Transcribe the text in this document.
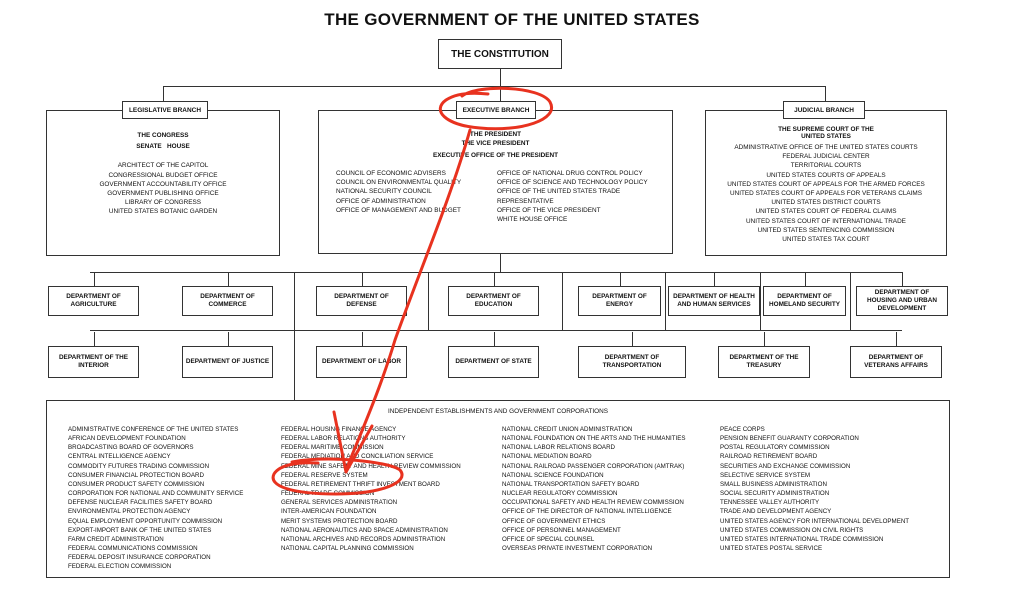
THE GOVERNMENT OF THE UNITED STATES
THE CONSTITUTION
THE CONGRESS
SENATE   HOUSE
ARCHITECT OF THE CAPITOL
CONGRESSIONAL BUDGET OFFICE
GOVERNMENT ACCOUNTABILITY OFFICE
GOVERNMENT PUBLISHING OFFICE
LIBRARY OF CONGRESS
UNITED STATES BOTANIC GARDEN
LEGISLATIVE BRANCH
THE PRESIDENT
THE VICE PRESIDENT
EXECUTIVE OFFICE OF THE PRESIDENT
COUNCIL OF ECONOMIC ADVISERS
COUNCIL ON ENVIRONMENTAL QUALITY
NATIONAL SECURITY COUNCIL
OFFICE OF ADMINISTRATION
OFFICE OF MANAGEMENT AND BUDGET
OFFICE OF NATIONAL DRUG CONTROL POLICY
OFFICE OF SCIENCE AND TECHNOLOGY POLICY
OFFICE OF THE UNITED STATES TRADE
REPRESENTATIVE
OFFICE OF THE VICE PRESIDENT
WHITE HOUSE OFFICE
EXECUTIVE BRANCH
THE SUPREME COURT OF THE
UNITED STATES
ADMINISTRATIVE OFFICE OF THE UNITED STATES COURTS
FEDERAL JUDICIAL CENTER
TERRITORIAL COURTS
UNITED STATES COURTS OF APPEALS
UNITED STATES COURT OF APPEALS FOR THE ARMED FORCES
UNITED STATES COURT OF APPEALS FOR VETERANS CLAIMS
UNITED STATES DISTRICT COURTS
UNITED STATES COURT OF FEDERAL CLAIMS
UNITED STATES COURT OF INTERNATIONAL TRADE
UNITED STATES SENTENCING COMMISSION
UNITED STATES TAX COURT
JUDICIAL BRANCH
DEPARTMENT OF AGRICULTURE
DEPARTMENT OF COMMERCE
DEPARTMENT OF DEFENSE
DEPARTMENT OF EDUCATION
DEPARTMENT OF ENERGY
DEPARTMENT OF HEALTH AND HUMAN SERVICES
DEPARTMENT OF HOMELAND SECURITY
DEPARTMENT OF HOUSING AND URBAN DEVELOPMENT
DEPARTMENT OF THE INTERIOR
DEPARTMENT OF JUSTICE	DEPARTMENT OF LABOR	DEPARTMENT OF STATE
DEPARTMENT OF TRANSPORTATION
DEPARTMENT OF THE TREASURY
DEPARTMENT OF VETERANS AFFAIRS
INDEPENDENT ESTABLISHMENTS AND GOVERNMENT CORPORATIONS
ADMINISTRATIVE CONFERENCE OF THE UNITED STATES
AFRICAN DEVELOPMENT FOUNDATION
BROADCASTING BOARD OF GOVERNORS
CENTRAL INTELLIGENCE AGENCY
COMMODITY FUTURES TRADING COMMISSION
CONSUMER FINANCIAL PROTECTION BOARD
CONSUMER PRODUCT SAFETY COMMISSION
CORPORATION FOR NATIONAL AND COMMUNITY SERVICE
DEFENSE NUCLEAR FACILITIES SAFETY BOARD
ENVIRONMENTAL PROTECTION AGENCY
EQUAL EMPLOYMENT OPPORTUNITY COMMISSION
EXPORT-IMPORT BANK OF THE UNITED STATES
FARM CREDIT ADMINISTRATION
FEDERAL COMMUNICATIONS COMMISSION
FEDERAL DEPOSIT INSURANCE CORPORATION
FEDERAL ELECTION COMMISSION
FEDERAL HOUSING FINANCE AGENCY
FEDERAL LABOR RELATIONS AUTHORITY
FEDERAL MARITIME COMMISSION
FEDERAL MEDIATION AND CONCILIATION SERVICE
FEDERAL MINE SAFETY AND HEALTH REVIEW COMMISSION
FEDERAL RESERVE SYSTEM
FEDERAL RETIREMENT THRIFT INVESTMENT BOARD
FEDERAL TRADE COMMISSION
GENERAL SERVICES ADMINISTRATION
INTER-AMERICAN FOUNDATION
MERIT SYSTEMS PROTECTION BOARD
NATIONAL AERONAUTICS AND SPACE ADMINISTRATION
NATIONAL ARCHIVES AND RECORDS ADMINISTRATION
NATIONAL CAPITAL PLANNING COMMISSION
NATIONAL CREDIT UNION ADMINISTRATION
NATIONAL FOUNDATION ON THE ARTS AND THE HUMANITIES
NATIONAL LABOR RELATIONS BOARD
NATIONAL MEDIATION BOARD
NATIONAL RAILROAD PASSENGER CORPORATION (AMTRAK)
NATIONAL SCIENCE FOUNDATION
NATIONAL TRANSPORTATION SAFETY BOARD
NUCLEAR REGULATORY COMMISSION
OCCUPATIONAL SAFETY AND HEALTH REVIEW COMMISSION
OFFICE OF THE DIRECTOR OF NATIONAL INTELLIGENCE
OFFICE OF GOVERNMENT ETHICS
OFFICE OF PERSONNEL MANAGEMENT
OFFICE OF SPECIAL COUNSEL
OVERSEAS PRIVATE INVESTMENT CORPORATION
PEACE CORPS
PENSION BENEFIT GUARANTY CORPORATION
POSTAL REGULATORY COMMISSION
RAILROAD RETIREMENT BOARD
SECURITIES AND EXCHANGE COMMISSION
SELECTIVE SERVICE SYSTEM
SMALL BUSINESS ADMINISTRATION
SOCIAL SECURITY ADMINISTRATION
TENNESSEE VALLEY AUTHORITY
TRADE AND DEVELOPMENT AGENCY
UNITED STATES AGENCY FOR INTERNATIONAL DEVELOPMENT
UNITED STATES COMMISSION ON CIVIL RIGHTS
UNITED STATES INTERNATIONAL TRADE COMMISSION
UNITED STATES POSTAL SERVICE
